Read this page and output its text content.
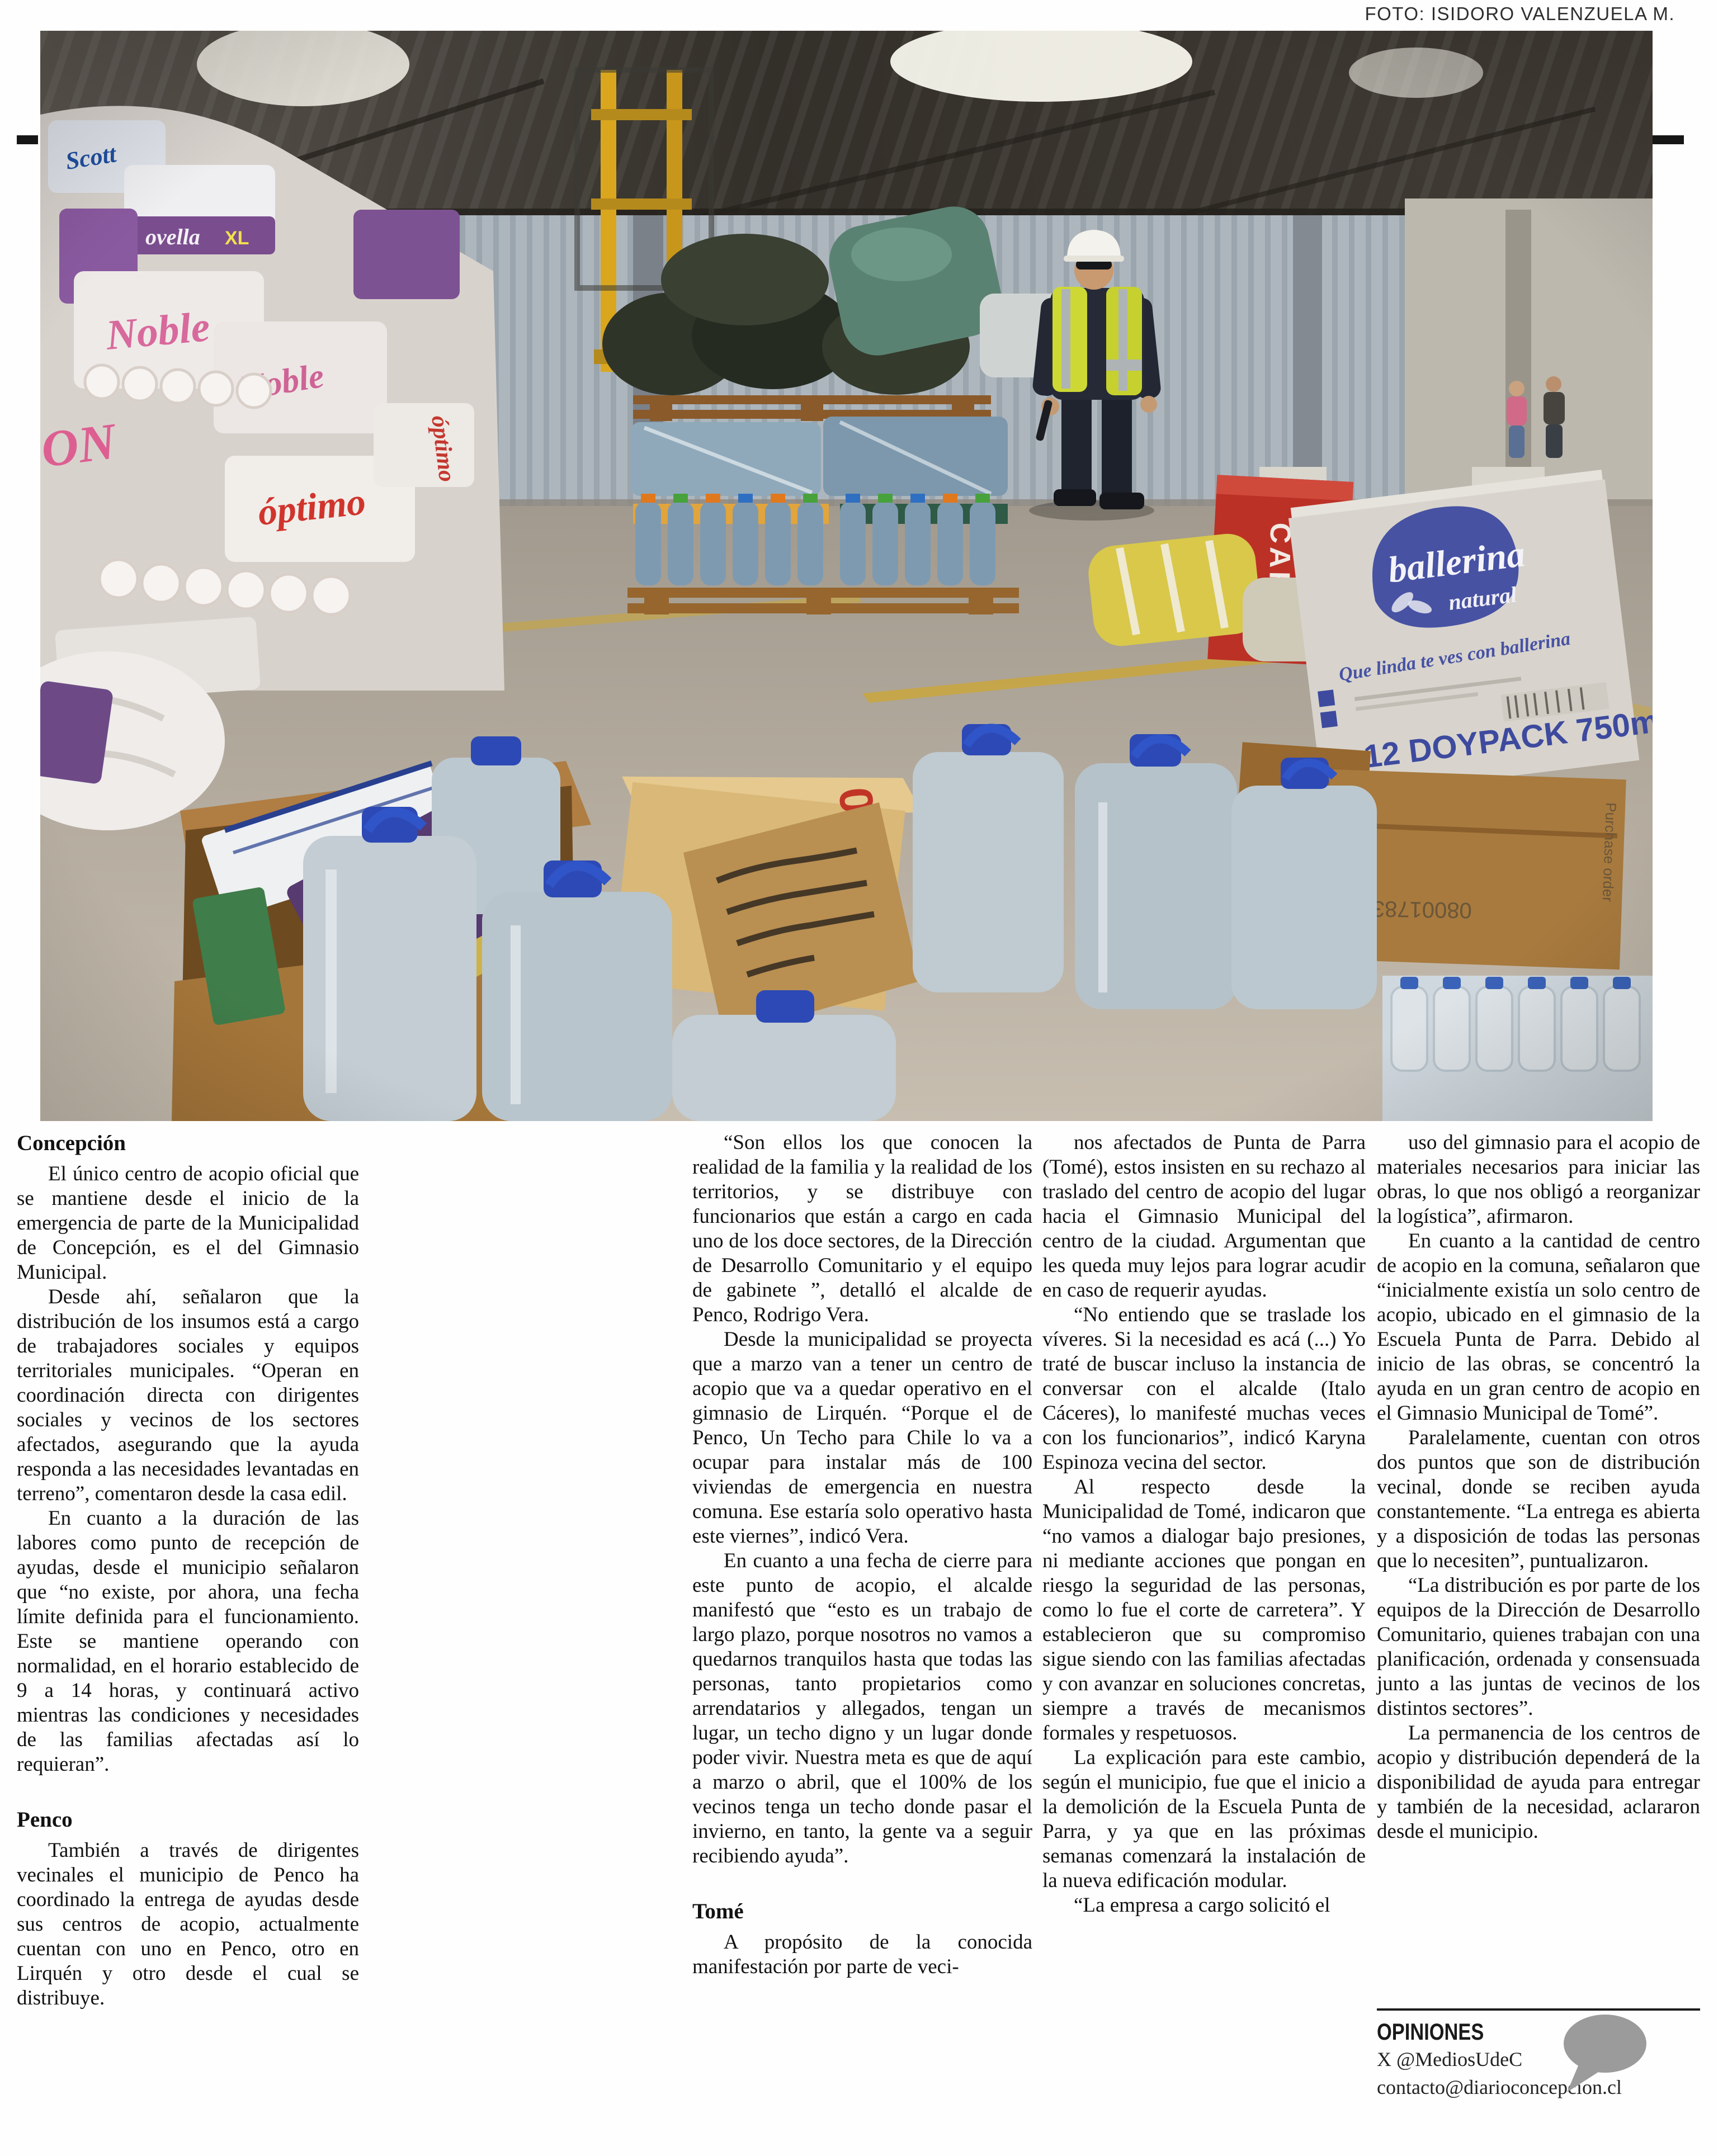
FOTO: ISIDORO VALENZUELA M.
Concepción

El único centro de acopio oficial que se mantiene desde el inicio de la emergencia de parte de la Municipalidad de Concepción, es el del Gimnasio Municipal.

Desde ahí, señalaron que la distribución de los insumos está a cargo de trabajadores sociales y equipos territoriales municipales. “Operan en coordinación directa con dirigentes sociales y vecinos de los sectores afectados, asegurando que la ayuda responda a las necesidades levantadas en terreno”, comentaron desde la casa edil.

En cuanto a la duración de las labores como punto de recepción de ayudas, desde el municipio señalaron que “no existe, por ahora, una fecha límite definida para el funcionamiento. Este se mantiene operando con normalidad, en el horario establecido de 9 a 14 horas, y continuará activo mientras las condiciones y necesidades de las familias afectadas así lo requieran”.

Penco

También a través de dirigentes vecinales el municipio de Penco ha coordinado la entrega de ayudas desde sus centros de acopio, actualmente cuentan con uno en Penco, otro en Lirquén y otro desde el cual se distribuye.

“Son ellos los que conocen la realidad de la familia y la realidad de los territorios, y se distribuye con funcionarios que están a cargo en cada uno de los doce sectores, de la Dirección de Desarrollo Comunitario y el equipo de gabinete ”, detalló el alcalde de Penco, Rodrigo Vera.

Desde la municipalidad se proyecta que a marzo van a tener un centro de acopio que va a quedar operativo en el gimnasio de Lirquén. “Porque el de Penco, Un Techo para Chile lo va a ocupar para instalar más de 100 viviendas de emergencia en nuestra comuna. Ese estaría solo operativo hasta este viernes”, indicó Vera.

En cuanto a una fecha de cierre para este punto de acopio, el alcalde manifestó que “esto es un trabajo de largo plazo, porque nosotros no vamos a quedarnos tranquilos hasta que todas las personas, tanto propietarios como arrendatarios y allegados, tengan un lugar, un techo digno y un lugar donde poder vivir. Nuestra meta es que de aquí a marzo o abril, que el 100% de los vecinos tenga un techo donde pasar el invierno, en tanto, la gente va a seguir recibiendo ayuda”.

Tomé

A propósito de la conocida manifestación por parte de veci-

nos afectados de Punta de Parra (Tomé), estos insisten en su rechazo al traslado del centro de acopio del lugar hacia el Gimnasio Municipal del centro de la ciudad. Argumentan que les queda muy lejos para lograr acudir en caso de requerir ayudas.

“No entiendo que se traslade los víveres. Si la necesidad es acá (...) Yo traté de buscar incluso la instancia de conversar con el alcalde (Italo Cáceres), lo manifesté muchas veces con los funcionarios”, indicó Karyna Espinoza vecina del sector.

Al respecto desde la Municipalidad de Tomé, indicaron que “no vamos a dialogar bajo presiones, ni mediante acciones que pongan en riesgo la seguridad de las personas, como lo fue el corte de carretera”. Y establecieron que su compromiso sigue siendo con las familias afectadas y con avanzar en soluciones concretas, siempre a través de mecanismos formales y respetuosos.

La explicación para este cambio, según el municipio, fue que el inicio a la demolición de la Escuela Punta de Parra, y ya que en las próximas semanas comenzará la instalación de la nueva edificación modular.

“La empresa a cargo solicitó el

uso del gimnasio para el acopio de materiales necesarios para iniciar las obras, lo que nos obligó a reorganizar la logística”, afirmaron.

En cuanto a la cantidad de centro de acopio en la comuna, señalaron que “inicialmente existía un solo centro de acopio, ubicado en el gimnasio de la Escuela Punta de Parra. Debido al inicio de las obras, se concentró la ayuda en un gran centro de acopio en el Gimnasio Municipal de Tomé”.

Paralelamente, cuentan con otros dos puntos que son de distribución vecinal, donde se reciben ayuda constantemente. “La entrega es abierta y a disposición de todas las personas que lo necesiten”, puntualizaron.

“La distribución es por parte de los equipos de la Dirección de Desarrollo Comunitario, quienes trabajan con una planificación, ordenada y consensuada junto a las juntas de vecinos de los distintos sectores”.

La permanencia de los centros de acopio y distribución dependerá de la disponibilidad de ayuda para entregar y también de la necesidad, aclararon desde el municipio.

OPINIONES
X @MediosUdeC
contacto@diarioconcepcion.cl
